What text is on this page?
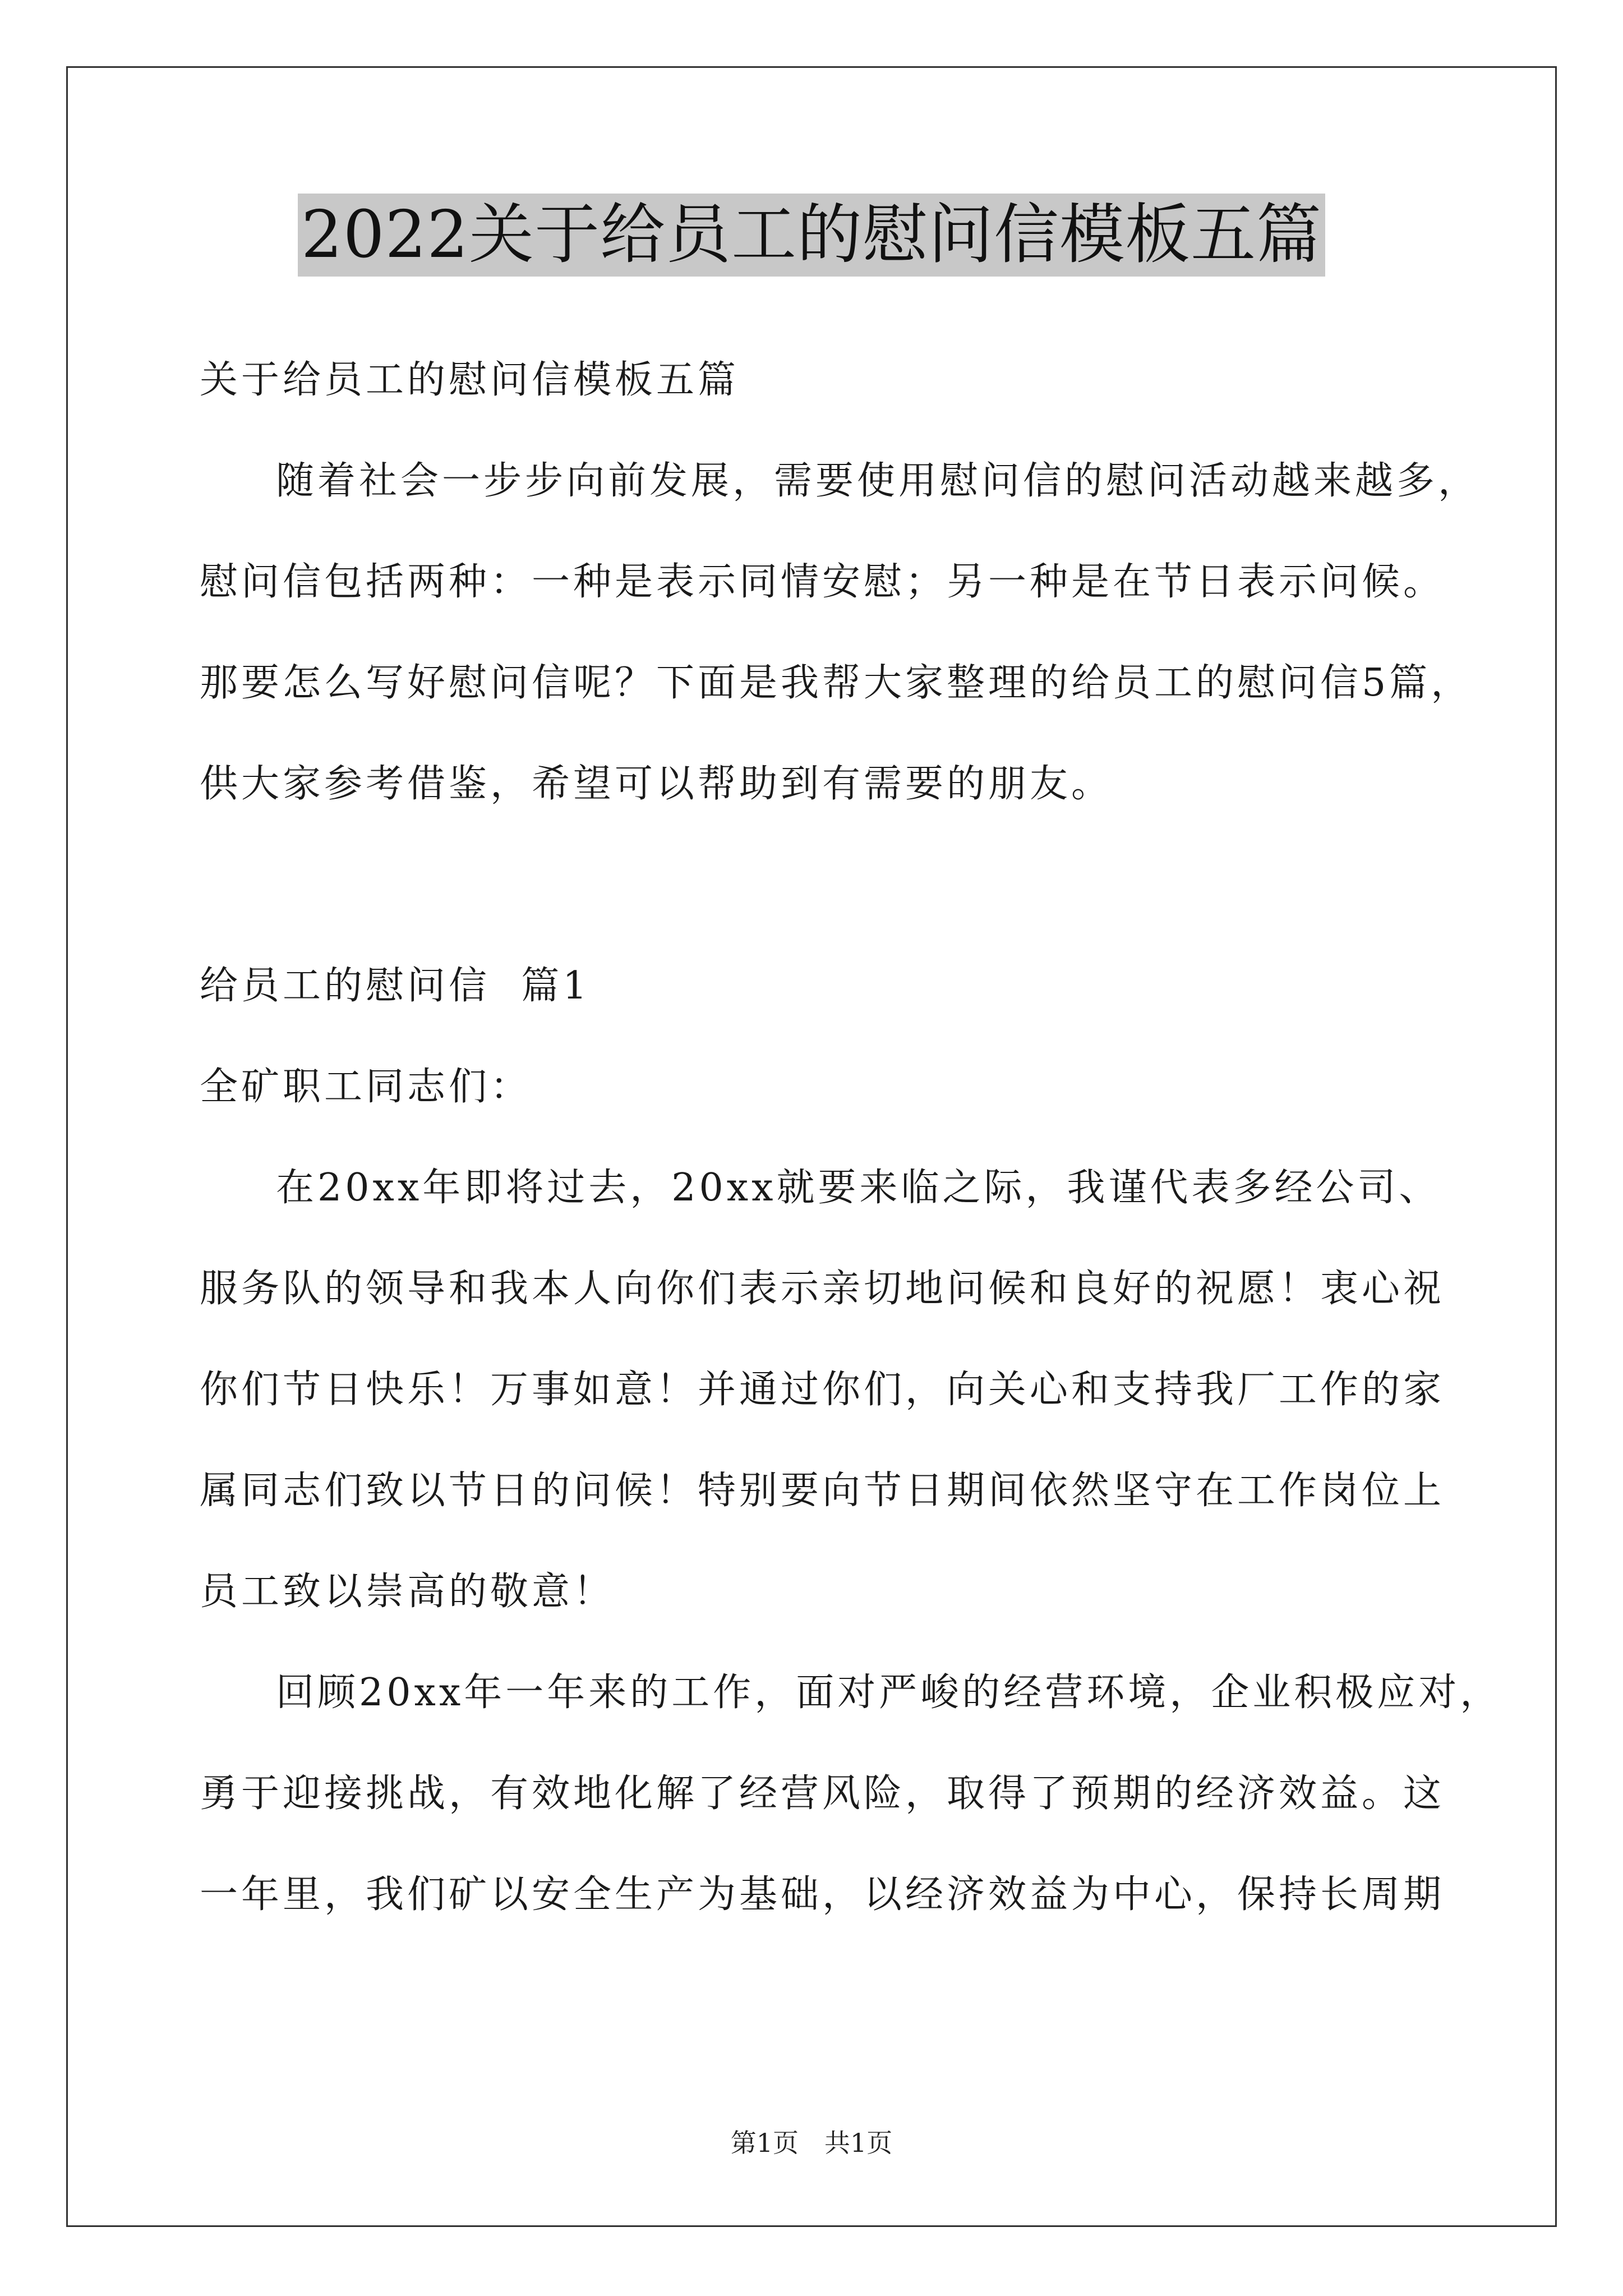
2022关于给员工的慰问信模板五篇
关于给员工的慰问信模板五篇
随着社会一步步向前发展，需要使用慰问信的慰问活动越来越多，
慰问信包括两种：一种是表示同情安慰；另一种是在节日表示问候。
那要怎么写好慰问信呢？下面是我帮大家整理的给员工的慰问信5篇，
供大家参考借鉴，希望可以帮助到有需要的朋友。
给员工的慰问信  篇1
全矿职工同志们：
在20xx年即将过去，20xx就要来临之际，我谨代表多经公司、
服务队的领导和我本人向你们表示亲切地问候和良好的祝愿！衷心祝
你们节日快乐！万事如意！并通过你们，向关心和支持我厂工作的家
属同志们致以节日的问候！特别要向节日期间依然坚守在工作岗位上
员工致以崇高的敬意！
回顾20xx年一年来的工作，面对严峻的经营环境，企业积极应对，
勇于迎接挑战，有效地化解了经营风险，取得了预期的经济效益。这
一年里，我们矿以安全生产为基础，以经济效益为中心，保持长周期
第1页 共1页
